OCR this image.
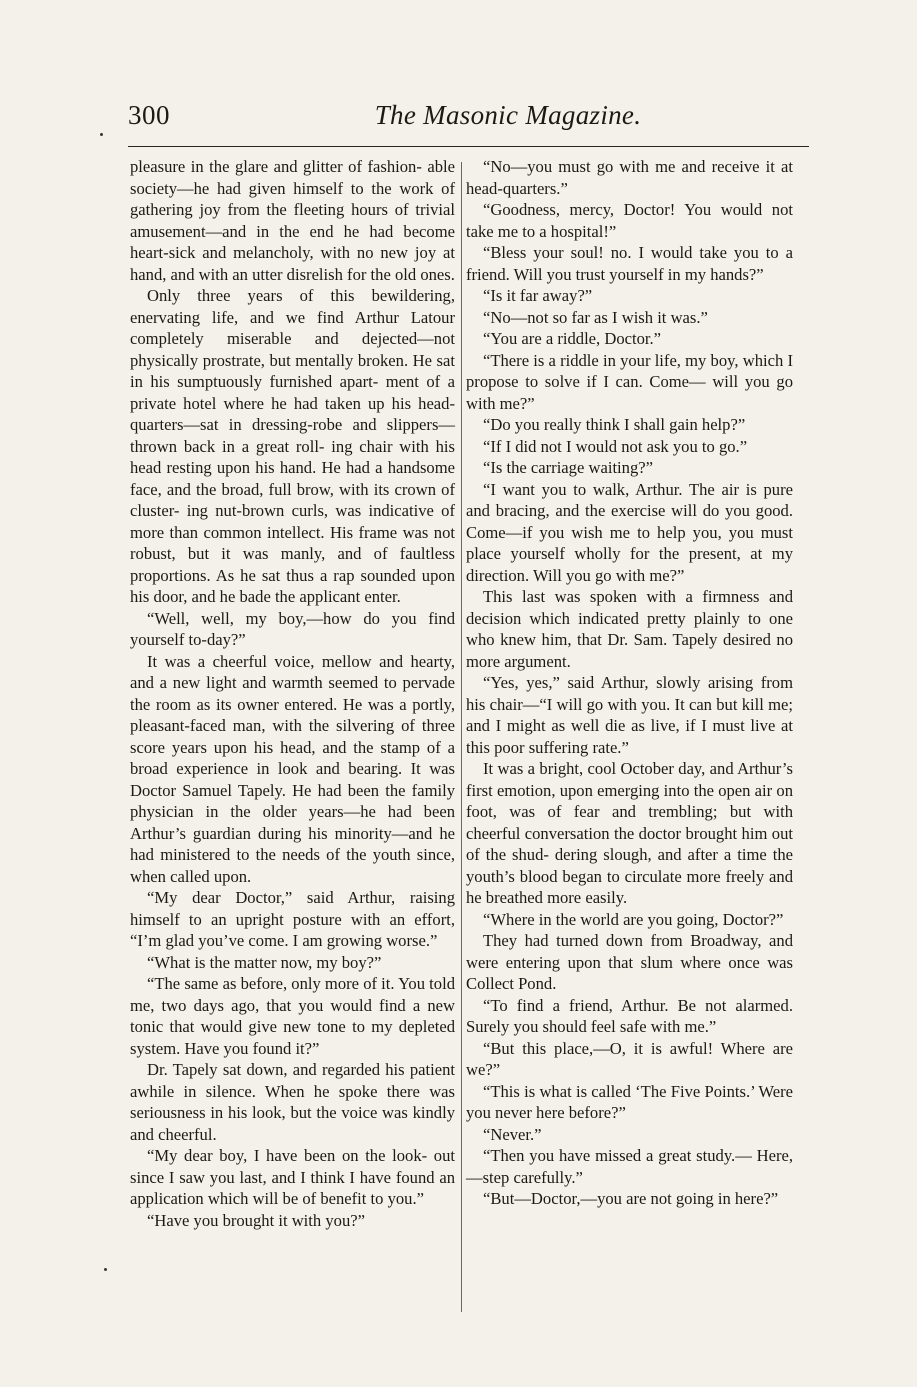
300	The Masonic Magazine.

pleasure in the glare and glitter of fashion- able society—he had given himself to the work of gathering joy from the fleeting hours of trivial amusement—and in the end he had become heart-sick and melancholy, with no new joy at hand, and with an utter disrelish for the old ones.

Only three years of this bewildering, enervating life, and we find Arthur Latour completely miserable and dejected—not physically prostrate, but mentally broken. He sat in his sumptuously furnished apart- ment of a private hotel where he had taken up his head-quarters—sat in dressing-robe and slippers—thrown back in a great roll- ing chair with his head resting upon his hand. He had a handsome face, and the broad, full brow, with its crown of cluster- ing nut-brown curls, was indicative of more than common intellect. His frame was not robust, but it was manly, and of faultless proportions. As he sat thus a rap sounded upon his door, and he bade the applicant enter.

“Well, well, my boy,—how do you find yourself to-day?”

It was a cheerful voice, mellow and hearty, and a new light and warmth seemed to pervade the room as its owner entered. He was a portly, pleasant-faced man, with the silvering of three score years upon his head, and the stamp of a broad experience in look and bearing. It was Doctor Samuel Tapely. He had been the family physician in the older years—he had been Arthur’s guardian during his minority—and he had ministered to the needs of the youth since, when called upon.

“My dear Doctor,” said Arthur, raising himself to an upright posture with an effort, “I’m glad you’ve come. I am growing worse.”

“What is the matter now, my boy?”

“The same as before, only more of it. You told me, two days ago, that you would find a new tonic that would give new tone to my depleted system. Have you found it?”

Dr. Tapely sat down, and regarded his patient awhile in silence. When he spoke there was seriousness in his look, but the voice was kindly and cheerful.

“My dear boy, I have been on the look- out since I saw you last, and I think I have found an application which will be of benefit to you.”

“Have you brought it with you?”

“No—you must go with me and receive it at head-quarters.”

“Goodness, mercy, Doctor! You would not take me to a hospital!”

“Bless your soul! no. I would take you to a friend. Will you trust yourself in my hands?”

“Is it far away?”

“No—not so far as I wish it was.”

“You are a riddle, Doctor.”

“There is a riddle in your life, my boy, which I propose to solve if I can. Come— will you go with me?”

“Do you really think I shall gain help?”

“If I did not I would not ask you to go.”

“Is the carriage waiting?”

“I want you to walk, Arthur. The air is pure and bracing, and the exercise will do you good. Come—if you wish me to help you, you must place yourself wholly for the present, at my direction. Will you go with me?”

This last was spoken with a firmness and decision which indicated pretty plainly to one who knew him, that Dr. Sam. Tapely desired no more argument.

“Yes, yes,” said Arthur, slowly arising from his chair—“I will go with you. It can but kill me; and I might as well die as live, if I must live at this poor suffering rate.”

It was a bright, cool October day, and Arthur’s first emotion, upon emerging into the open air on foot, was of fear and trembling; but with cheerful conversation the doctor brought him out of the shud- dering slough, and after a time the youth’s blood began to circulate more freely and he breathed more easily.

“Where in the world are you going, Doctor?”

They had turned down from Broadway, and were entering upon that slum where once was Collect Pond.

“To find a friend, Arthur. Be not alarmed. Surely you should feel safe with me.”

“But this place,—O, it is awful! Where are we?”

“This is what is called ‘The Five Points.’ Were you never here before?”

“Never.”

“Then you have missed a great study.— Here,—step carefully.”

“But—Doctor,—you are not going in here?”
